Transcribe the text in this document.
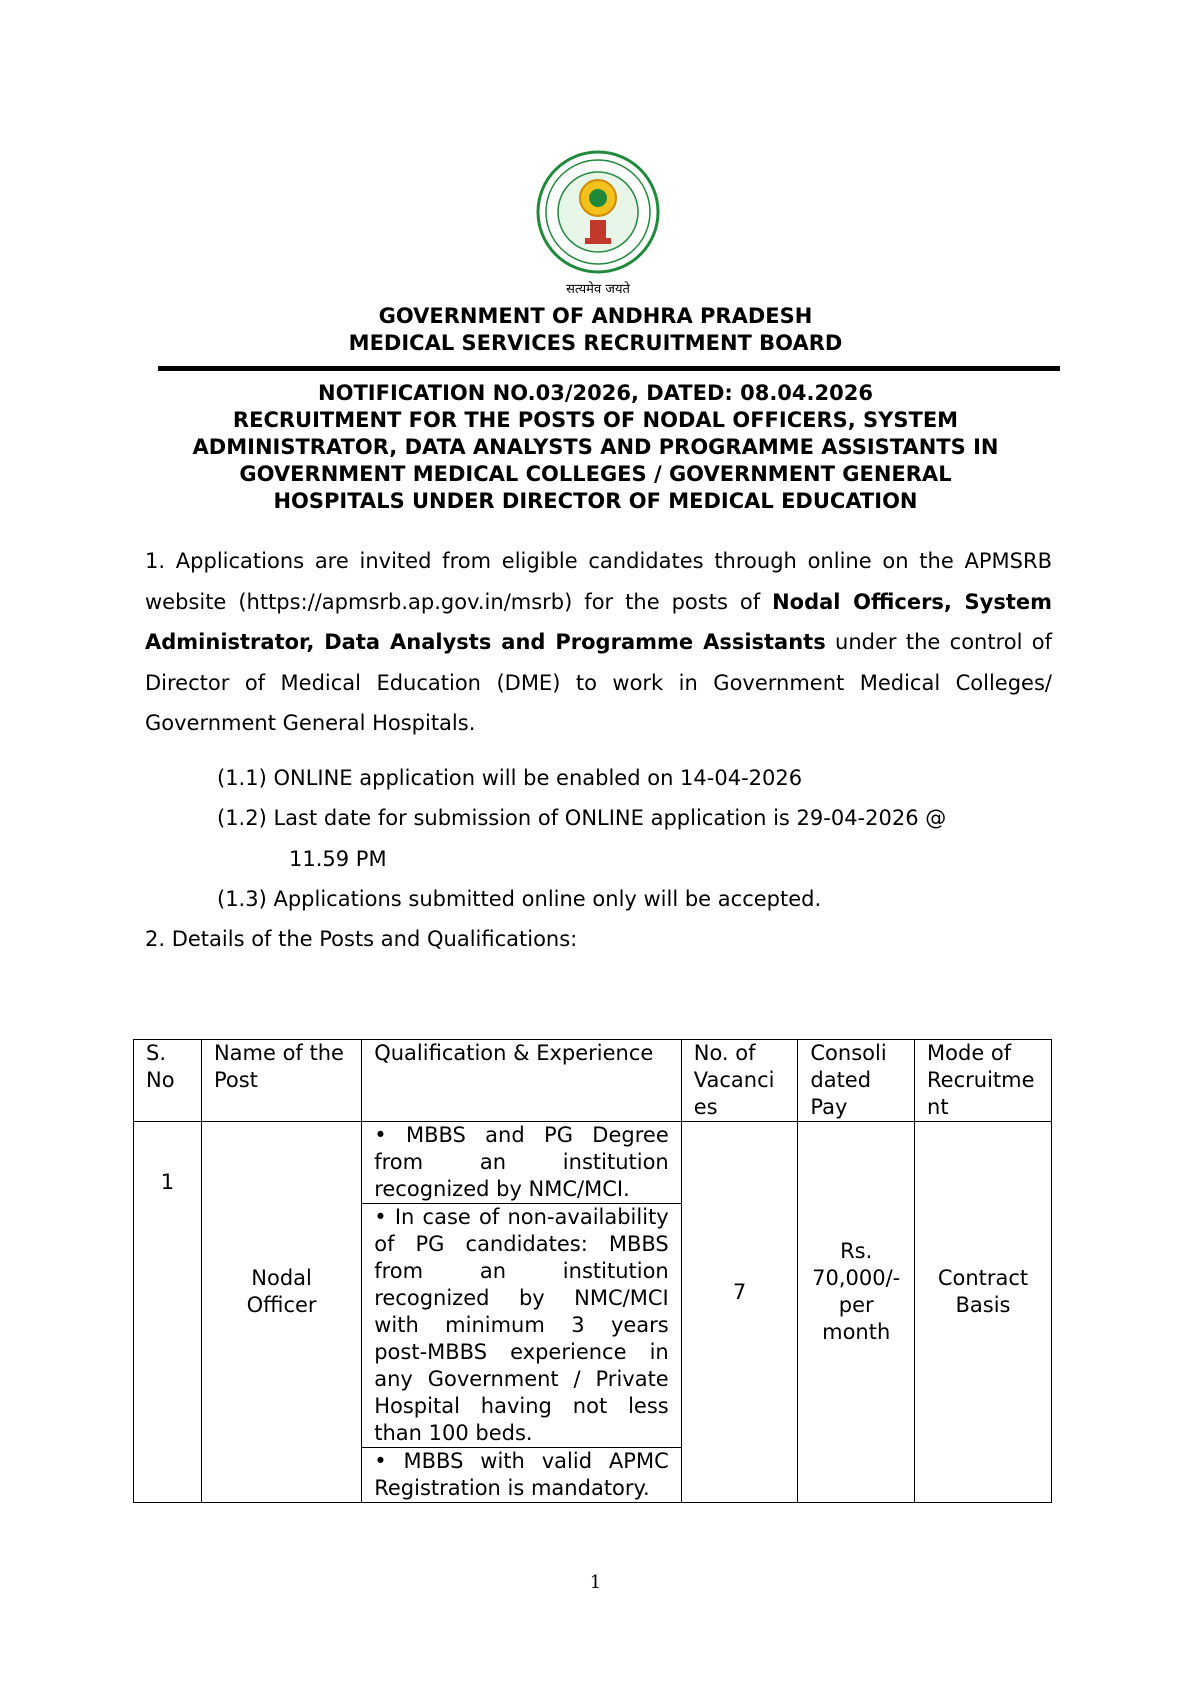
सत्यमेव जयते
GOVERNMENT OF ANDHRA PRADESH
MEDICAL SERVICES RECRUITMENT BOARD
NOTIFICATION NO.03/2026, DATED: 08.04.2026
RECRUITMENT FOR THE POSTS OF NODAL OFFICERS, SYSTEM
ADMINISTRATOR, DATA ANALYSTS AND PROGRAMME ASSISTANTS IN
GOVERNMENT MEDICAL COLLEGES / GOVERNMENT GENERAL
HOSPITALS UNDER DIRECTOR OF MEDICAL EDUCATION
1. Applications are invited from eligible candidates through online on the APMSRB website (https://apmsrb.ap.gov.in/msrb) for the posts of Nodal Officers, System Administrator, Data Analysts and Programme Assistants under the control of Director of Medical Education (DME) to work in Government Medical Colleges/ Government General Hospitals.
(1.1) ONLINE application will be enabled on 14-04-2026
(1.2) Last date for submission of ONLINE application is 29-04-2026 @
11.59 PM
(1.3) Applications submitted online only will be accepted.
2. Details of the Posts and Qualifications:
S. No	Name of the Post	Qualification & Experience	No. of Vacanci es	Consoli dated Pay	Mode of Recruitme nt
1	Nodal Officer	• MBBS and PG Degree from an institution recognized by NMC/MCI.
• In case of non-availability of PG candidates: MBBS from an institution recognized by NMC/MCI with minimum 3 years post-MBBS experience in any Government / Private Hospital having not less than 100 beds.
• MBBS with valid APMC Registration is mandatory.	7	Rs. 70,000/- per month	Contract Basis
1
